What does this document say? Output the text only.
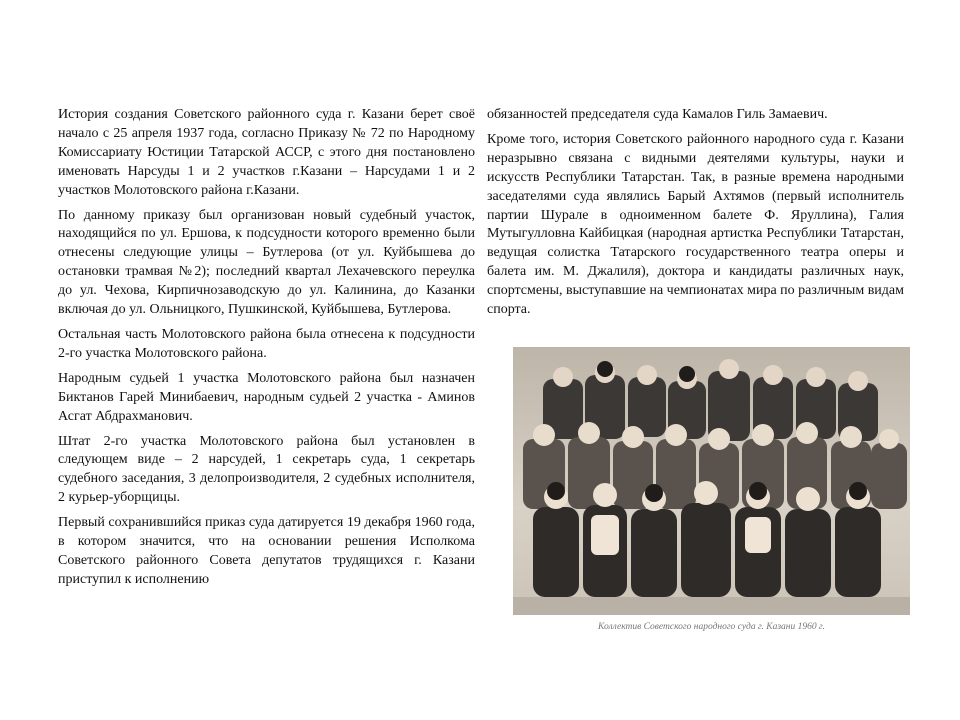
История создания Советского районного суда г. Казани берет своё начало с 25 апреля 1937 года, согласно Приказу № 72 по Народному Комиссариату Юстиции Татарской АССР, с этого дня постановлено именовать Нарсуды 1 и 2 участков г.Казани – Нарсудами 1 и 2 участков Молотовского района г.Казани.

По данному приказу был организован новый судебный участок, находящийся по ул. Ершова, к подсудности которого временно были отнесены следующие улицы – Бутлерова (от ул. Куйбышева до остановки трамвая №2); последний квартал Лехачевского переулка до ул. Чехова, Кирпичнозаводскую до ул. Калинина, до Казанки включая до ул. Ольницкого, Пушкинской, Куйбышева, Бутлерова.

Остальная часть Молотовского района была отнесена к подсудности 2-го участка Молотовского района.

Народным судьей 1 участка Молотовского района был назначен Биктанов Гарей Минибаевич, народным судьей 2 участка - Аминов Асгат Абдрахманович.

Штат 2-го участка Молотовского района был установлен в следующем виде – 2 нарсудей, 1 секретарь суда, 1 секретарь судебного заседания, 3 делопроизводителя, 2 судебных исполнителя, 2 курьер-уборщицы.

Первый сохранившийся приказ суда датируется 19 декабря 1960 года, в котором значится, что на основании решения Исполкома Советского районного Совета депутатов трудящихся г. Казани приступил к исполнению

обязанностей председателя суда Камалов Гиль Замаевич.

Кроме того, история Советского районного народного суда г. Казани неразрывно связана с видными деятелями культуры, науки и искусств Республики Татарстан. Так, в разные времена народными заседателями суда являлись Барый Ахтямов (первый исполнитель партии Шурале в одноименном балете Ф. Яруллина), Галия Мутыгулловна Кайбицкая (народная артистка Республики Татарстан, ведущая солистка Татарского государственного театра оперы и балета им. М. Джалиля), доктора и кандидаты различных наук, спортсмены, выступавшие на чемпионатах мира по различным видам спорта.

Коллектив Советского народного суда г. Казани 1960 г.
